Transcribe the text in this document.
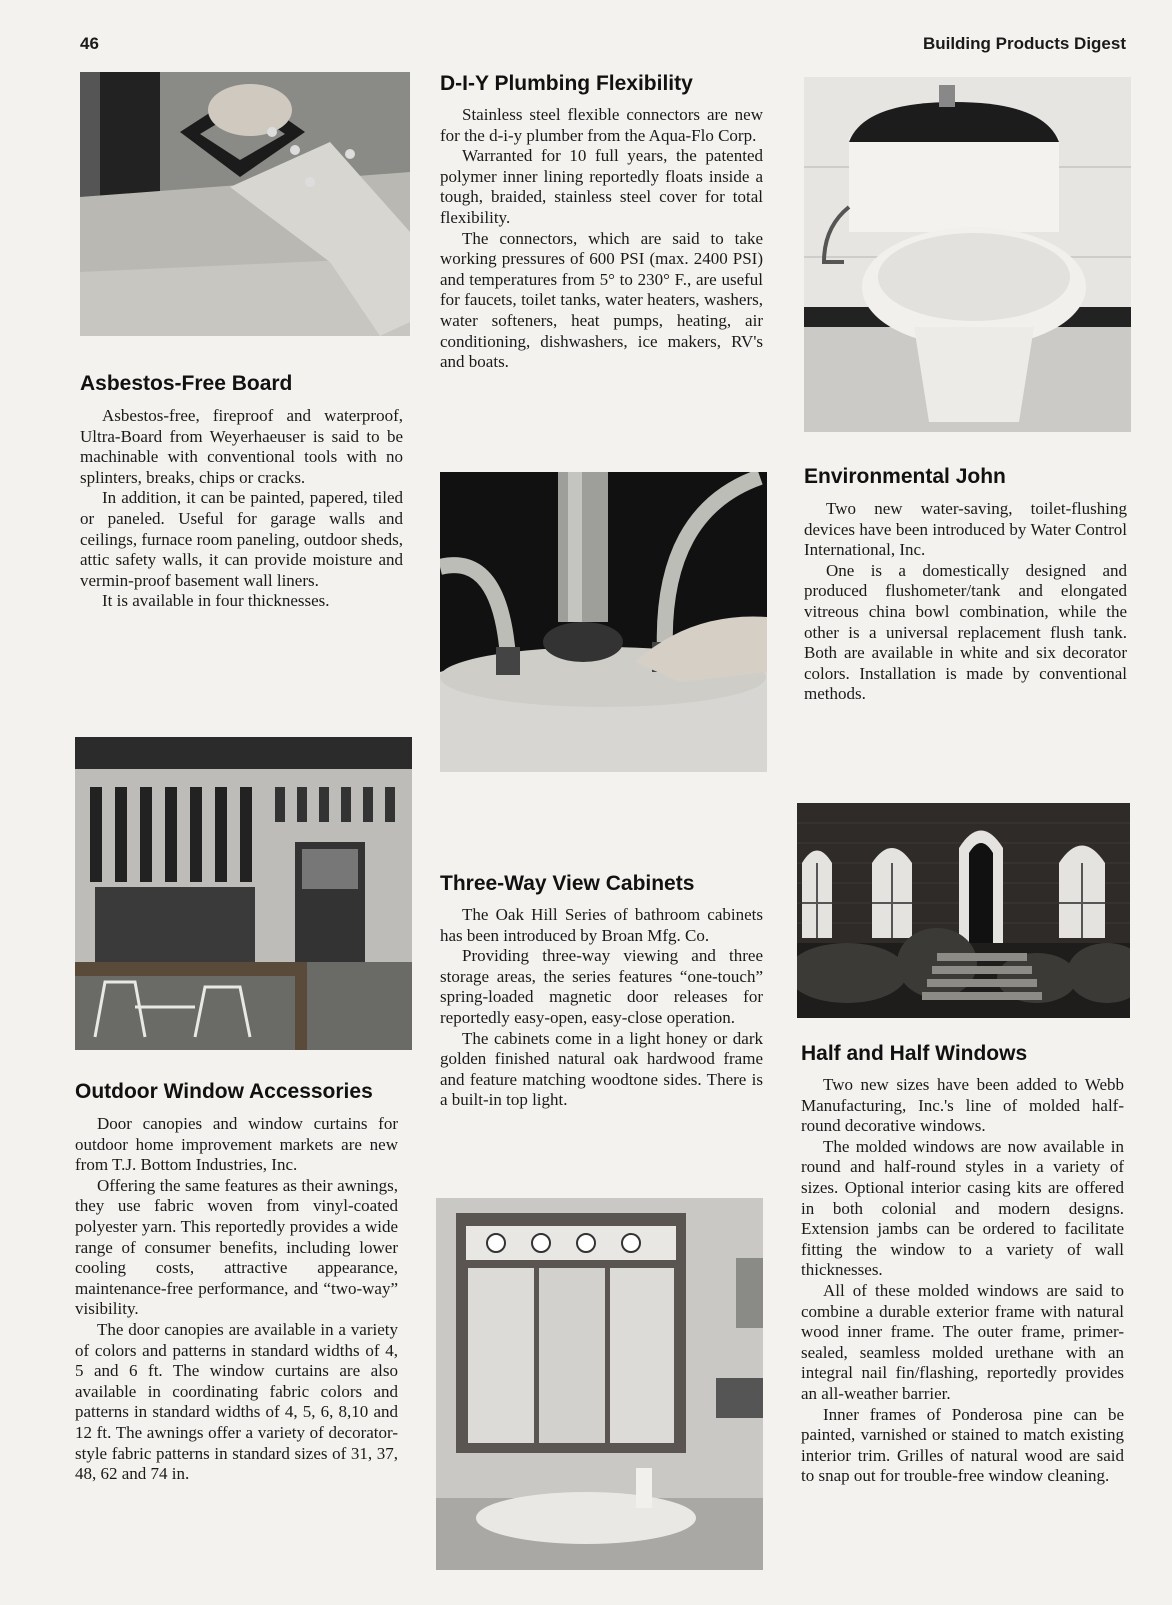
46	Building Products Digest
Asbestos-Free Board

Asbestos-free, fireproof and waterproof, Ultra-Board from Weyerhaeuser is said to be machinable with conventional tools with no splinters, breaks, chips or cracks.

In addition, it can be painted, papered, tiled or paneled. Useful for garage walls and ceilings, furnace room paneling, outdoor sheds, attic safety walls, it can provide moisture and vermin-proof basement wall liners.

It is available in four thicknesses.

D-I-Y Plumbing Flexibility

Stainless steel flexible connectors are new for the d-i-y plumber from the Aqua-Flo Corp.

Warranted for 10 full years, the patented polymer inner lining reportedly floats inside a tough, braided, stainless steel cover for total flexibility.

The connectors, which are said to take working pressures of 600 PSI (max. 2400 PSI) and temperatures from 5° to 230° F., are useful for faucets, toilet tanks, water heaters, washers, water softeners, heat pumps, heating, air conditioning, dishwashers, ice makers, RV's and boats.

Environmental John

Two new water-saving, toilet-flushing devices have been introduced by Water Control International, Inc.

One is a domestically designed and produced flushometer/tank and elongated vitreous china bowl combination, while the other is a universal replacement flush tank. Both are available in white and six decorator colors. Installation is made by conventional methods.

Outdoor Window Accessories

Door canopies and window curtains for outdoor home improvement markets are new from T.J. Bottom Industries, Inc.

Offering the same features as their awnings, they use fabric woven from vinyl-coated polyester yarn. This reportedly provides a wide range of consumer benefits, including lower cooling costs, attractive appearance, maintenance-free performance, and “two-way” visibility.

The door canopies are available in a variety of colors and patterns in standard widths of 4, 5 and 6 ft. The window curtains are also available in coordinating fabric colors and patterns in standard widths of 4, 5, 6, 8,10 and 12 ft. The awnings offer a variety of decorator-style fabric patterns in standard sizes of 31, 37, 48, 62 and 74 in.

Three-Way View Cabinets

The Oak Hill Series of bathroom cabinets has been introduced by Broan Mfg. Co.

Providing three-way viewing and three storage areas, the series features “one-touch” spring-loaded magnetic door releases for reportedly easy-open, easy-close operation.

The cabinets come in a light honey or dark golden finished natural oak hardwood frame and feature matching woodtone sides. There is a built-in top light.

Half and Half Windows

Two new sizes have been added to Webb Manufacturing, Inc.'s line of molded half-round decorative windows.

The molded windows are now available in round and half-round styles in a variety of sizes. Optional interior casing kits are offered in both colonial and modern designs. Extension jambs can be ordered to facilitate fitting the window to a variety of wall thicknesses.

All of these molded windows are said to combine a durable exterior frame with natural wood inner frame. The outer frame, primer-sealed, seamless molded urethane with an integral nail fin/flashing, reportedly provides an all-weather barrier.

Inner frames of Ponderosa pine can be painted, varnished or stained to match existing interior trim. Grilles of natural wood are said to snap out for trouble-free window cleaning.
